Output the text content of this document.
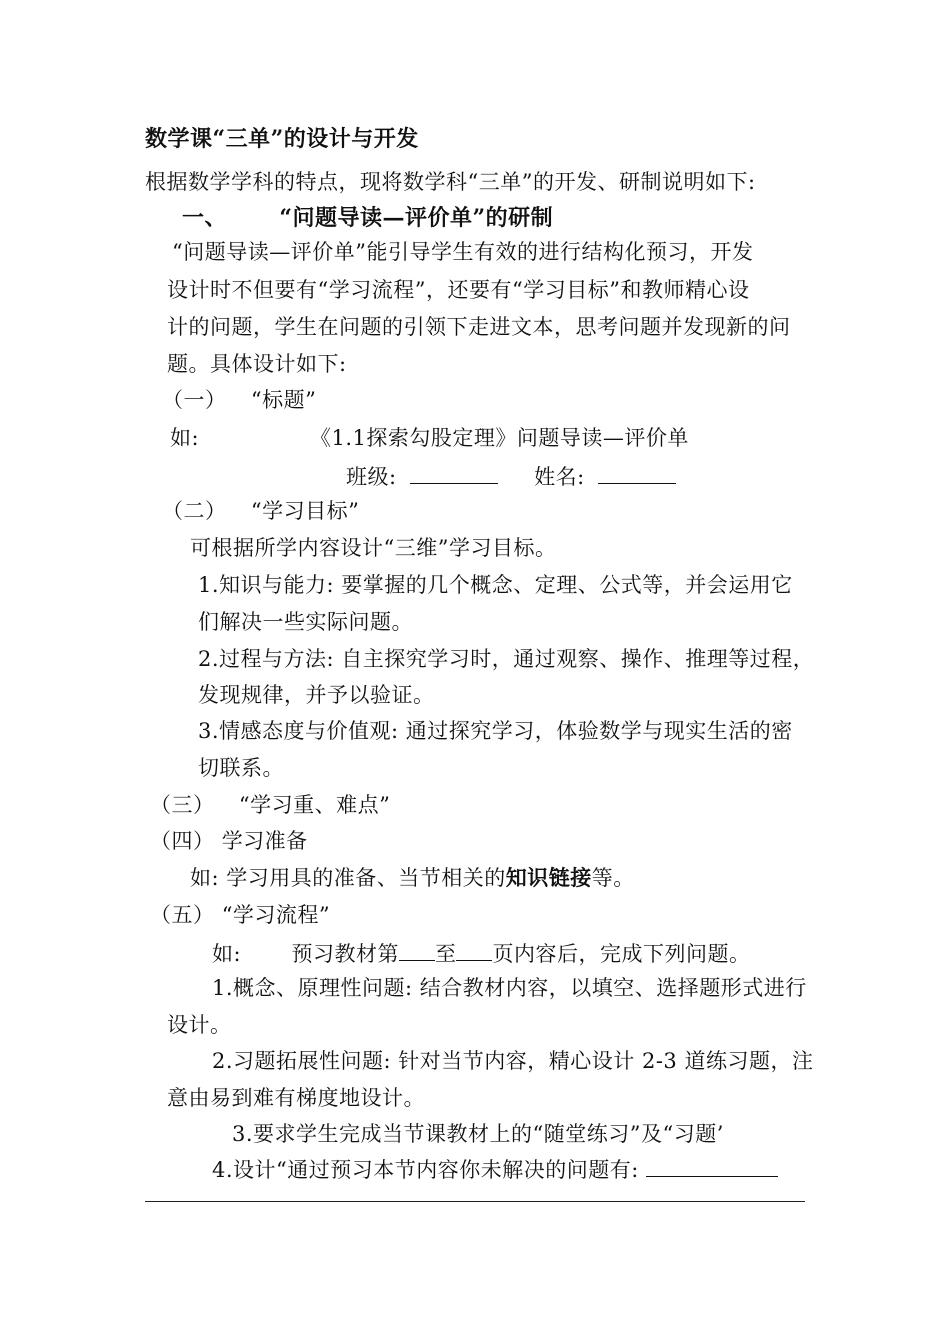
数学课“三单”的设计与开发
根据数学学科的特点，现将数学科“三单”的开发、研制说明如下:
一、 “问题导读—评价单”的研制
“问题导读—评价单”能引导学生有效的进行结构化预习，开发
设计时不但要有“学习流程”，还要有“学习目标”和教师精心设
计的问题，学生在问题的引领下走进文本，思考问题并发现新的问
题。具体设计如下:
（一） “标题”
如:	《1.1探索勾股定理》问题导读—评价单
班级:	姓名:
（二） “学习目标”
可根据所学内容设计“三维”学习目标。
1.知识与能力: 要掌握的几个概念、定理、公式等，并会运用它
们解决一些实际问题。
2.过程与方法: 自主探究学习时，通过观察、操作、推理等过程，
发现规律，并予以验证。
3.情感态度与价值观: 通过探究学习，体验数学与现实生活的密
切联系。
（三） “学习重、难点”
（四） 学习准备
如: 学习用具的准备、当节相关的知识链接等。
（五） “学习流程”
如: 预习教材第 至 页内容后，完成下列问题。
1.概念、原理性问题: 结合教材内容，以填空、选择题形式进行
设计。
2.习题拓展性问题: 针对当节内容，精心设计 2-3 道练习题，注
意由易到难有梯度地设计。
3.要求学生完成当节课教材上的“随堂练习”及“习题’
4.设计“通过预习本节内容你未解决的问题有:
